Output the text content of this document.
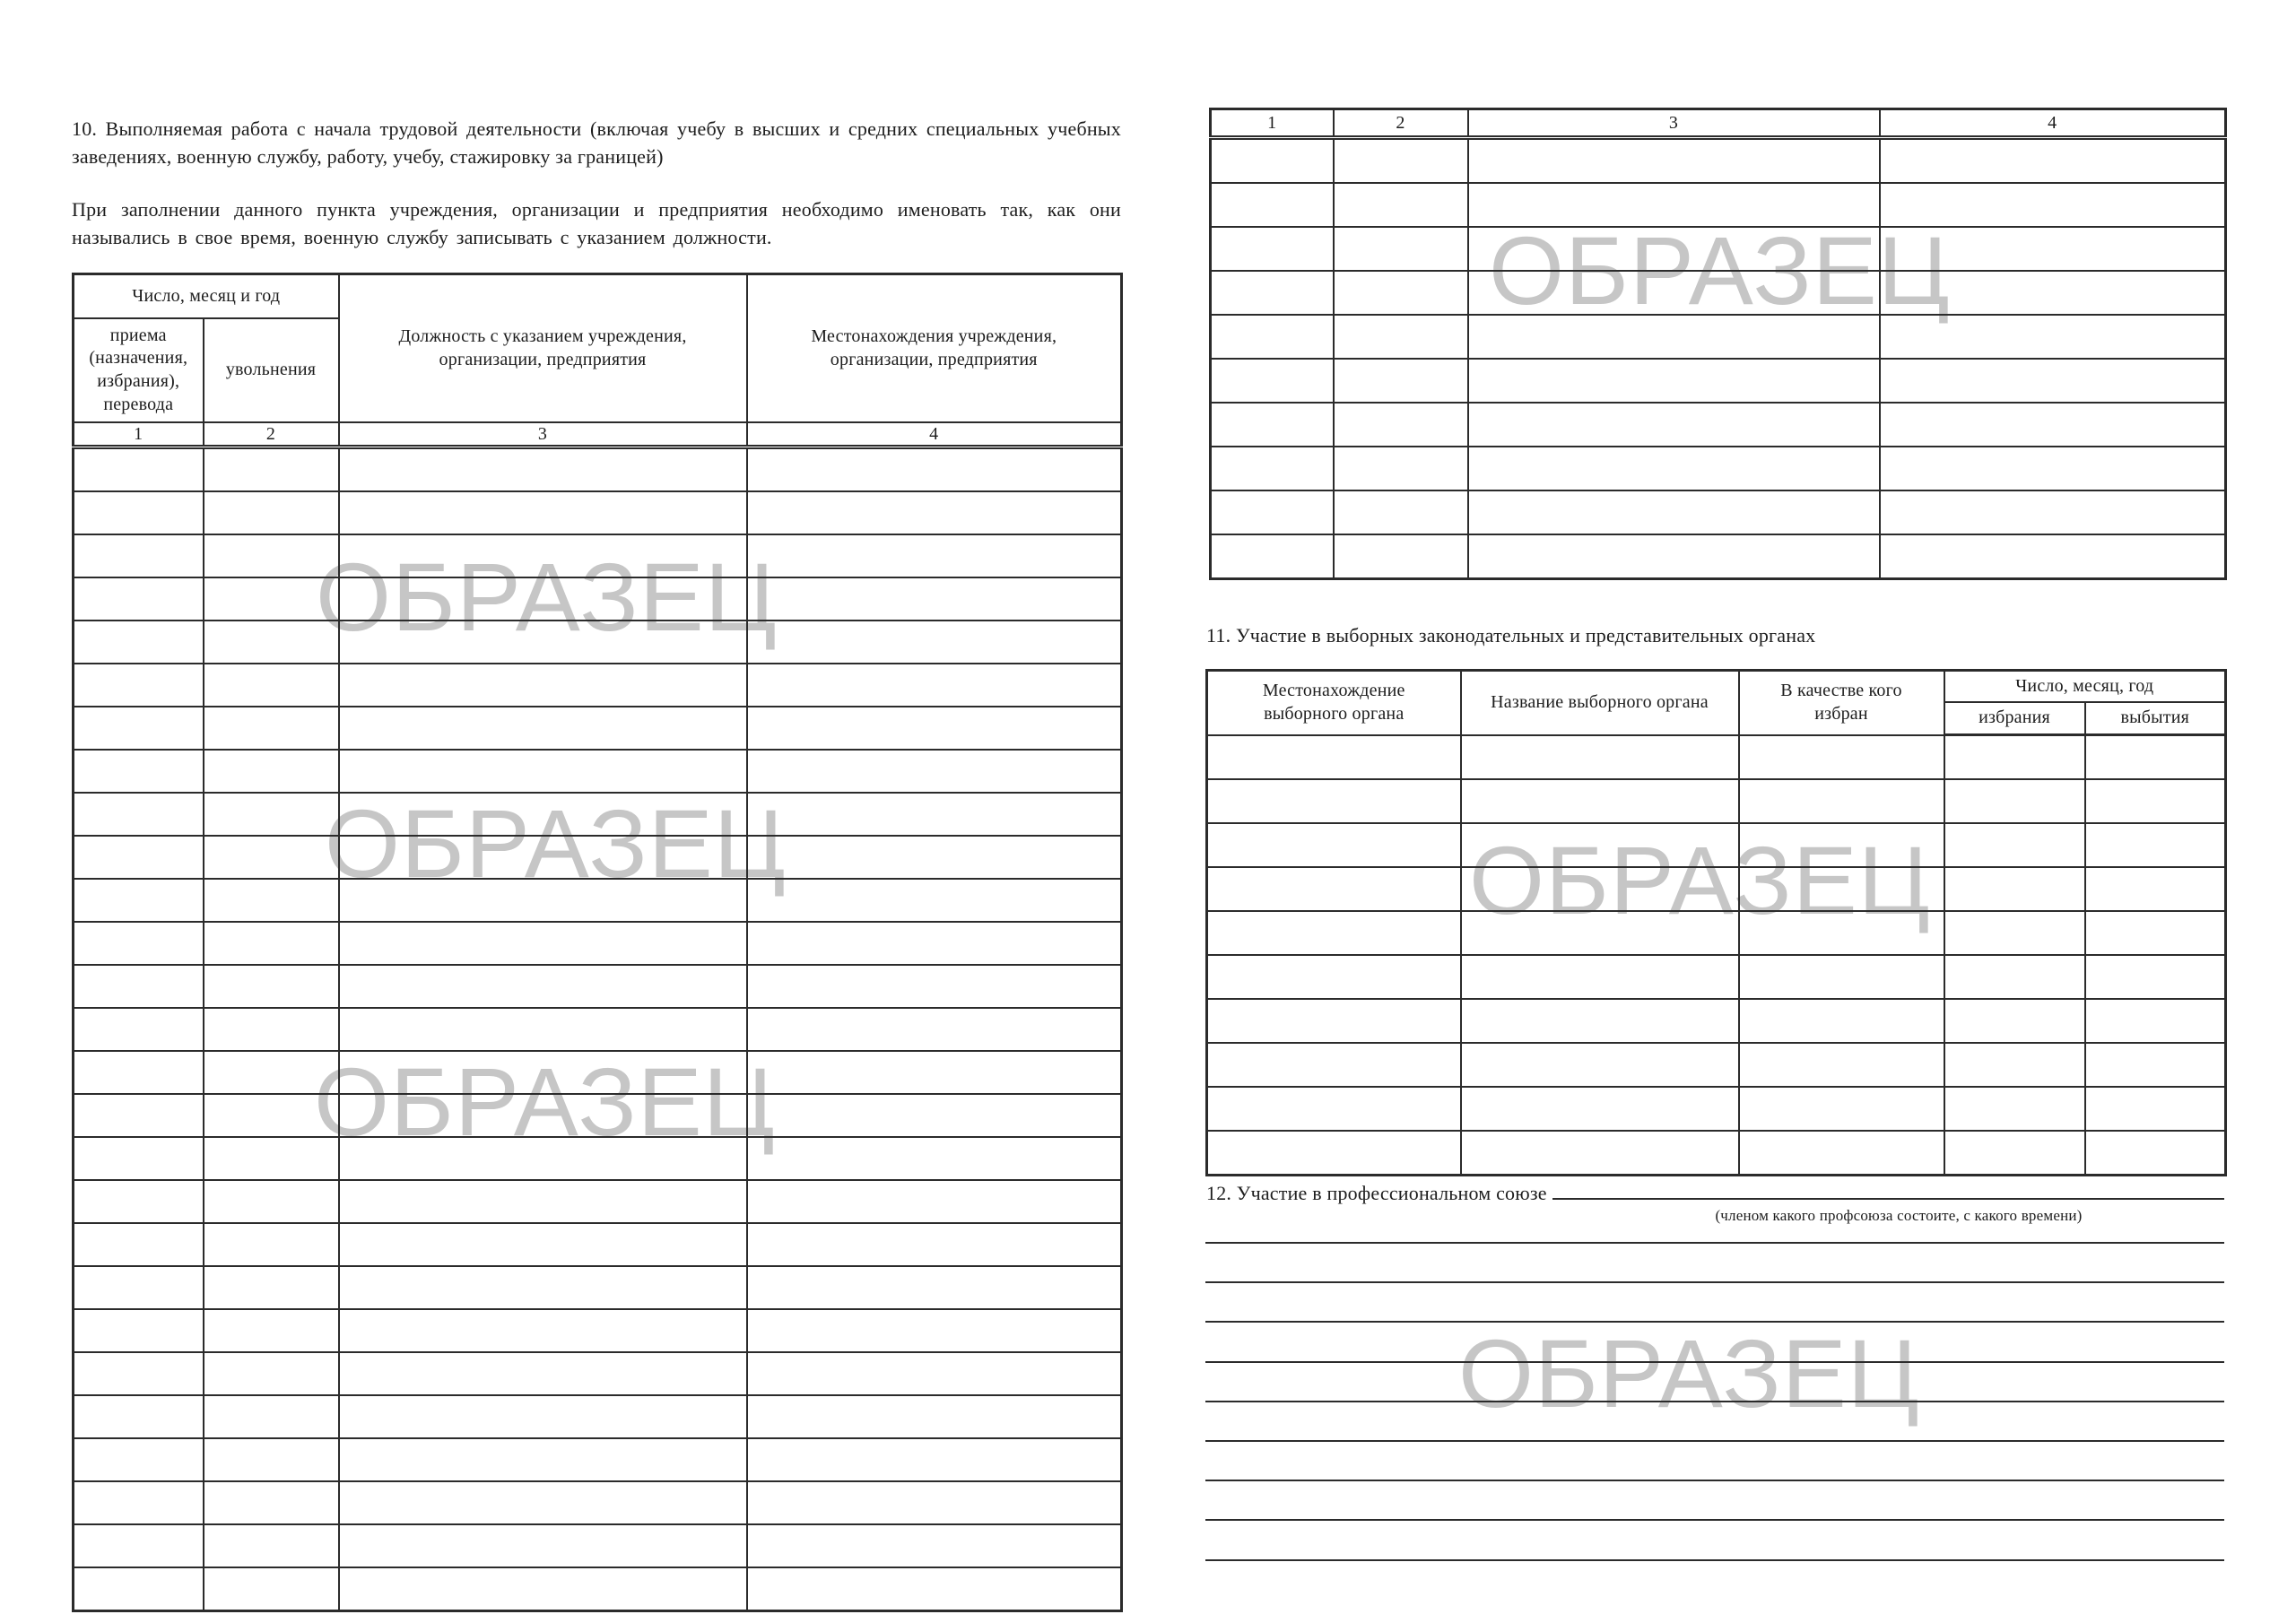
10. Выполняемая работа с начала трудовой деятельности (включая учебу в высших и средних специальных учебных заведениях, военную службу, работу, учебу, стажировку за границей)
При заполнении данного пункта учреждения, организации и предприятия необходимо именовать так, как они назывались в свое время, военную службу записывать с указанием должности.
Число, месяц и год		Должность с указанием учреждения, организации, предприятия	Местонахождения учреждения, организации, предприятия
приема (назначения, избрания), перевода	увольнения		
1	2	3	4

ОБРАЗЕЦ
ОБРАЗЕЦ
ОБРАЗЕЦ
1	2	3	4

11. Участие в выборных законодательных и представительных органах
Местонахождение выборного органа	Название выборного органа	В качестве кого избран	Число, месяц, год	
			избрания	выбытия

12. Участие в профессиональном союзе
(членом какого профсоюза состоите, с какого времени)
ОБРАЗЕЦ
ОБРАЗЕЦ
ОБРАЗЕЦ
